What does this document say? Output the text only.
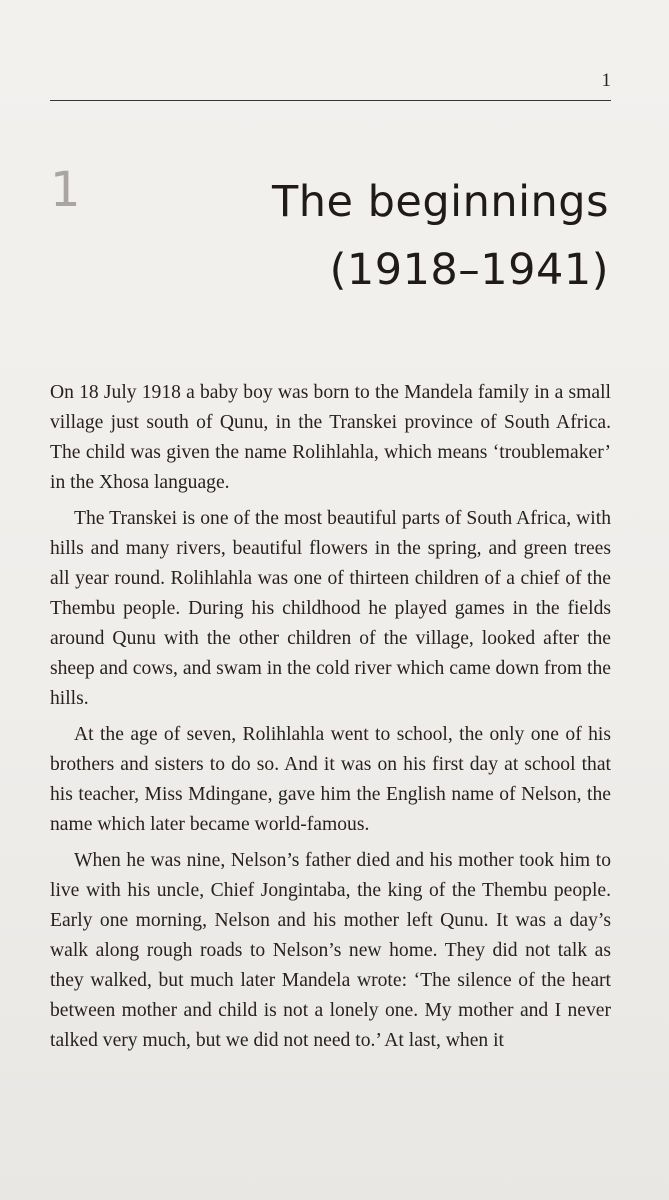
1
1	The beginnings
(1918–1941)

On 18 July 1918 a baby boy was born to the Mandela family in a small village just south of Qunu, in the Transkei province of South Africa. The child was given the name Rolihlahla, which means ‘troublemaker’ in the Xhosa language.

The Transkei is one of the most beautiful parts of South Africa, with hills and many rivers, beautiful flowers in the spring, and green trees all year round. Rolihlahla was one of thirteen children of a chief of the Thembu people. During his childhood he played games in the fields around Qunu with the other children of the village, looked after the sheep and cows, and swam in the cold river which came down from the hills.

At the age of seven, Rolihlahla went to school, the only one of his brothers and sisters to do so. And it was on his first day at school that his teacher, Miss Mdingane, gave him the English name of Nelson, the name which later became world-famous.

When he was nine, Nelson’s father died and his mother took him to live with his uncle, Chief Jongintaba, the king of the Thembu people. Early one morning, Nelson and his mother left Qunu. It was a day’s walk along rough roads to Nelson’s new home. They did not talk as they walked, but much later Mandela wrote: ‘The silence of the heart between mother and child is not a lonely one. My mother and I never talked very much, but we did not need to.’ At last, when it
